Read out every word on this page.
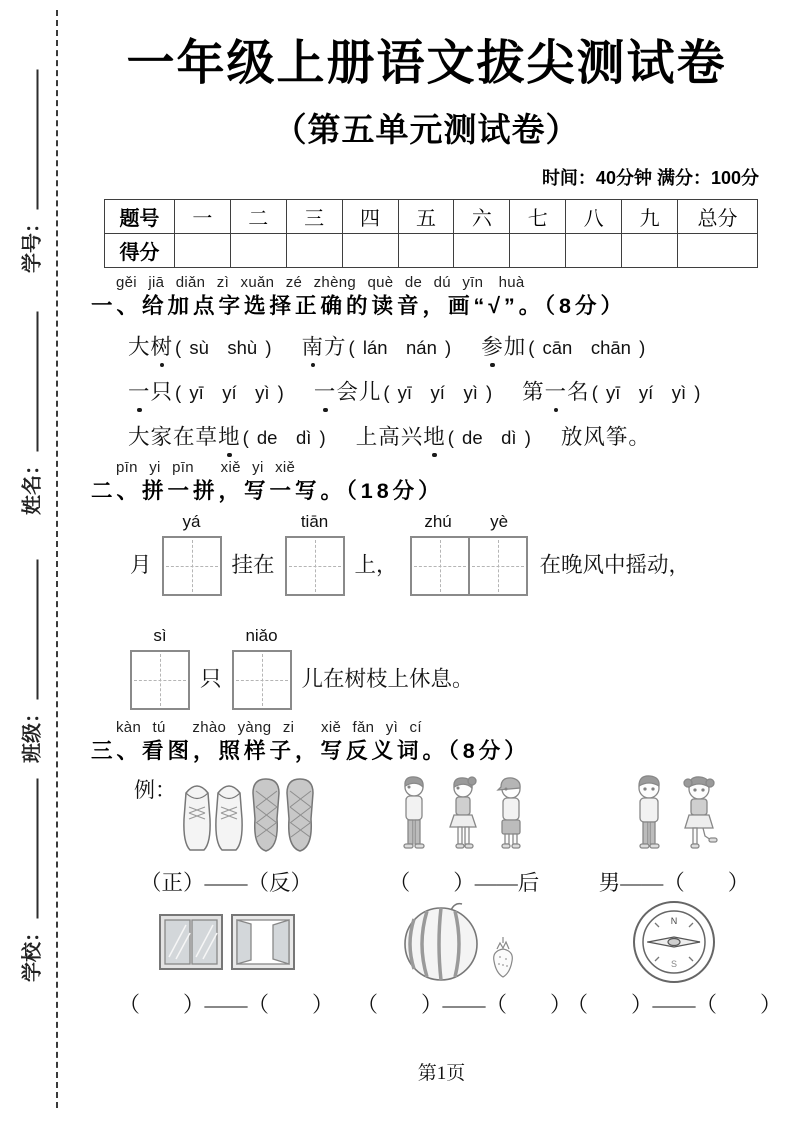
学号：
姓名：
班级：
学校：
一年级上册语文拔尖测试卷
（第五单元测试卷）
时间：40分钟 满分：100分
题号	一	二	三	四	五	六	七	八	九	总分
得分										
gěi jiā diǎn zì xuǎn zé zhèng què de dú yīn　huà
一、给加点字选择正确的读音，画“√”。（8分）
大树 ( sù　shù ) 南方 ( lán　nán ) 参加 ( cān　chān )
一只 ( yī　yí　yì ) 一会儿 ( yī　yí　yì ) 第一名 ( yī　yí　yì )
大家在草地 ( de　dì ) 上高兴地 ( de　dì ) 放风筝。
pīn yi pīn　 xiě yi xiě
二、拼一拼，写一写。（18分）
月
yá
挂在
tiān
上，
zhú	yè
在晚风中摇动，
sì
只
niǎo
儿在树枝上休息。
kàn tú　 zhào yàng zi　 xiě fǎn yì cí
三、看图，照样子，写反义词。（8分）
例：
（正）——（反）	（　　）——后	男——（　　）
（　　）——（　　） （　　）——（　　）
N
S
（　　）——（　　）
第1页
